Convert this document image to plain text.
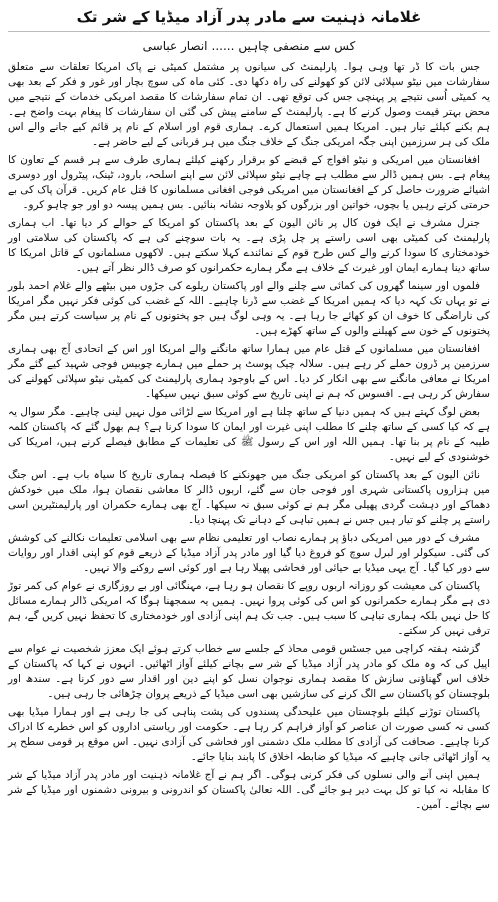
غلامانہ ذہنیت سے مادر پدر آزاد میڈیا کے شر تک
کس سے منصفی چاہیں......انصار عباسی

جس بات کا ڈر تھا وہی ہوا۔ پارلیمنٹ کی سیانوں پر مشتمل کمیٹی نے پاک امریکا تعلقات سے متعلق سفارشات میں نیٹو سپلائی لائن کو کھولنے کی راہ دکھا دی۔ کئی ماہ کی سوچ بچار اور غور و فکر کے بعد بھی یہ کمیٹی اُسی نتیجے پر پہنچی جس کی توقع تھی۔ ان تمام سفارشات کا مقصد امریکی خدمات کے نتیجے میں محض بہتر قیمت وصول کرنے کا ہے۔ پارلیمنٹ کے سامنے پیش کی گئی ان سفارشات کا پیغام بہت واضح ہے۔ ہم بکنے کیلئے تیار ہیں۔ امریکا ہمیں استعمال کرے۔ ہماری قوم اور اسلام کے نام پر قائم کیے جانے والے اس ملک کی ہر سرزمین اپنی جگہ امریکی جنگ کے خلاف جنگ میں ہر قربانی کے لیے حاضر ہے۔

افغانستان میں امریکی و نیٹو افواج کے قبضے کو برقرار رکھنے کیلئے ہماری طرف سے ہر قسم کے تعاون کا پیغام ہے۔ بس ہمیں ڈالر سے مطلب ہے چاہے نیٹو سپلائی لائن سے اپنے اسلحہ، بارود، ٹینک، پیٹرول اور دوسری اشیائے ضرورت حاصل کر کے افغانستان میں امریکی فوجی افغانی مسلمانوں کا قتل عام کریں۔ قرآن پاک کی بے حرمتی کرتے رہیں یا بچوں، خواتین اور بزرگوں کو بلاوجہ نشانہ بنائیں۔ بس ہمیں پیسہ دو اور جو چاہو کرو۔

جنرل مشرف نے ایک فون کال پر نائن الیون کے بعد پاکستان کو امریکا کے حوالے کر دیا تھا۔ اب ہماری پارلیمنٹ کی کمیٹی بھی اسی راستے پر چل پڑی ہے۔ یہ بات سوچنے کی ہے کہ پاکستان کی سلامتی اور خودمختاری کا سودا کرنے والے کس طرح قوم کے نمائندے کہلا سکتے ہیں۔ لاکھوں مسلمانوں کے قاتل امریکا کا ساتھ دینا ہمارے ایمان اور غیرت کے خلاف ہے مگر ہمارے حکمرانوں کو صرف ڈالر نظر آتے ہیں۔

فلموں اور سینما گھروں کی کمائی سے چلنے والے اور پاکستان ریلوے کی جڑوں میں بیٹھے والے غلام احمد بلور نے تو یہاں تک کہہ دیا کہ ہمیں امریکا کے غضب سے ڈرنا چاہیے۔ اللہ کے غضب کی کوئی فکر نہیں مگر امریکا کی ناراضگی کا خوف ان کو کھائے جا رہا ہے۔ یہ وہی لوگ ہیں جو پختونوں کے نام پر سیاست کرتے ہیں مگر پختونوں کے خون سے کھیلنے والوں کے ساتھ کھڑے ہیں۔

افغانستان میں مسلمانوں کے قتل عام میں ہمارا ساتھ مانگنے والے امریکا اور اس کے اتحادی آج بھی ہماری سرزمین پر ڈرون حملے کر رہے ہیں۔ سلالہ چیک پوسٹ پر حملے میں ہمارے چوبیس فوجی شہید کیے گئے مگر امریکا نے معافی مانگنے سے بھی انکار کر دیا۔ اس کے باوجود ہماری پارلیمنٹ کی کمیٹی نیٹو سپلائی کھولنے کی سفارش کر رہی ہے۔ افسوس کہ ہم نے اپنی تاریخ سے کوئی سبق نہیں سیکھا۔

بعض لوگ کہتے ہیں کہ ہمیں دنیا کے ساتھ چلنا ہے اور امریکا سے لڑائی مول نہیں لینی چاہیے۔ مگر سوال یہ ہے کہ کیا کسی کے ساتھ چلنے کا مطلب اپنی غیرت اور ایمان کا سودا کرنا ہے؟ ہم بھول گئے کہ پاکستان کلمہ طیبہ کے نام پر بنا تھا۔ ہمیں اللہ اور اس کے رسول ﷺ کی تعلیمات کے مطابق فیصلے کرنے ہیں، امریکا کی خوشنودی کے لیے نہیں۔

نائن الیون کے بعد پاکستان کو امریکی جنگ میں جھونکنے کا فیصلہ ہماری تاریخ کا سیاہ باب ہے۔ اس جنگ میں ہزاروں پاکستانی شہری اور فوجی جان سے گئے، اربوں ڈالر کا معاشی نقصان ہوا، ملک میں خودکش دھماکے اور دہشت گردی پھیلی مگر ہم نے کوئی سبق نہ سیکھا۔ آج بھی ہمارے حکمران اور پارلیمنٹیرین اسی راستے پر چلنے کو تیار ہیں جس نے ہمیں تباہی کے دہانے تک پہنچا دیا۔

مشرف کے دور میں امریکی دباؤ پر ہمارے نصاب اور تعلیمی نظام سے بھی اسلامی تعلیمات نکالنے کی کوشش کی گئی۔ سیکولر اور لبرل سوچ کو فروغ دیا گیا اور مادر پدر آزاد میڈیا کے ذریعے قوم کو اپنی اقدار اور روایات سے دور کیا گیا۔ آج یہی میڈیا بے حیائی اور فحاشی پھیلا رہا ہے اور کوئی اسے روکنے والا نہیں۔

پاکستان کی معیشت کو روزانہ اربوں روپے کا نقصان ہو رہا ہے، مہنگائی اور بے روزگاری نے عوام کی کمر توڑ دی ہے مگر ہمارے حکمرانوں کو اس کی کوئی پروا نہیں۔ ہمیں یہ سمجھنا ہوگا کہ امریکی ڈالر ہمارے مسائل کا حل نہیں بلکہ ہماری تباہی کا سبب ہیں۔ جب تک ہم اپنی آزادی اور خودمختاری کا تحفظ نہیں کریں گے، ہم ترقی نہیں کر سکتے۔

گزشتہ ہفتہ کراچی میں جسٹس قومی محاذ کے جلسے سے خطاب کرتے ہوئے ایک معزز شخصیت نے عوام سے اپیل کی کہ وہ ملک کو مادر پدر آزاد میڈیا کے شر سے بچانے کیلئے آواز اٹھائیں۔ انہوں نے کہا کہ پاکستان کے خلاف اس گھناؤنی سازش کا مقصد ہماری نوجوان نسل کو اپنے دین اور اقدار سے دور کرنا ہے۔ سندھ اور بلوچستان کو پاکستان سے الگ کرنے کی سازشیں بھی اسی میڈیا کے ذریعے پروان چڑھائی جا رہی ہیں۔

پاکستان توڑنے کیلئے بلوچستان میں علیحدگی پسندوں کی پشت پناہی کی جا رہی ہے اور ہمارا میڈیا بھی کسی نہ کسی صورت ان عناصر کو آواز فراہم کر رہا ہے۔ حکومت اور ریاستی اداروں کو اس خطرے کا ادراک کرنا چاہیے۔ صحافت کی آزادی کا مطلب ملک دشمنی اور فحاشی کی آزادی نہیں۔ اس موقع پر قومی سطح پر یہ آواز اٹھائی جانی چاہیے کہ میڈیا کو ضابطہ اخلاق کا پابند بنایا جائے۔

ہمیں اپنی آنے والی نسلوں کی فکر کرنی ہوگی۔ اگر ہم نے آج غلامانہ ذہنیت اور مادر پدر آزاد میڈیا کے شر کا مقابلہ نہ کیا تو کل بہت دیر ہو جائے گی۔ اللہ تعالیٰ پاکستان کو اندرونی و بیرونی دشمنوں اور میڈیا کے شر سے بچائے۔ آمین۔
